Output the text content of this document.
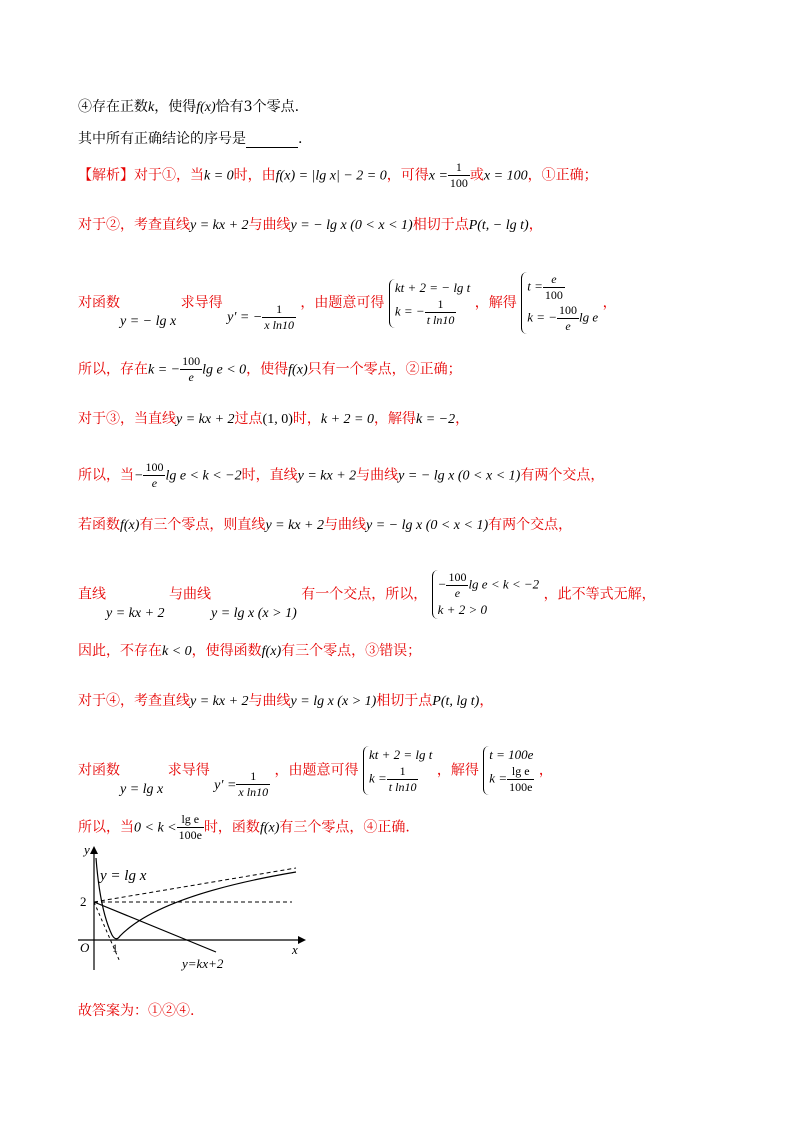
④存在正数k，使得f(x)恰有3个零点.
其中所有正确结论的序号是	.
【解析】对于①，当k = 0时，由f(x) = |lg x| − 2 = 0，可得$x = \frac{1}{100}$ 或x = 100，①正确；
对于②，考查直线y = kx + 2与曲线y = − lg x (0 < x < 1)相切于点P(t, − lg t)，
对函数y = − lg x 求导得 y′ = − $\frac{1}{\text{x ln10}}$ ，由题意可得
kt + 2 = − lg t
k = − $\frac{1}{\text{t ln10}}$ ，解得
$t = \frac{e}{100}$
k = − $\frac{100}{e}$ lg e
，
所以，存在k = − $\frac{100}{e}$ lg e < 0，使得f(x)只有一个零点，②正确；
对于③，当直线y = kx + 2过点(1, 0)时，k + 2 = 0，解得k = −2，
所以，当− $\frac{100}{e}$ lg e < k < −2时，直线y = kx + 2与曲线y = − lg x (0 < x < 1)有两个交点，
若函数f(x)有三个零点，则直线y = kx + 2与曲线y = − lg x (0 < x < 1)有两个交点，
直线y = kx + 2 与曲线y = lg x (x > 1) 有一个交点，所以，
− $\frac{100}{e}$ lg e < k < −2
k + 2 > 0
，此不等式无解，
因此，不存在k < 0，使得函数f(x)有三个零点，③错误；
对于④，考查直线y = kx + 2与曲线y = lg x (x > 1)相切于点P(t, lg t)，
对函数y = lg x 求导得 $y' = \frac{1}{\text{x ln10}}$ ，由题意可得
kt + 2 = lg t
$k = \frac{1}{\text{t ln10}}$ ，解得
t = 100e
$k = \frac{\text{lg e}}{100e}$ ，
所以，当$0 < k < \frac{\text{lg e}}{100e}$ 时，函数f(x)有三个零点，④正确.
y = lg x
y=kx+2
y
x
O
2
1
故答案为：①②④.
